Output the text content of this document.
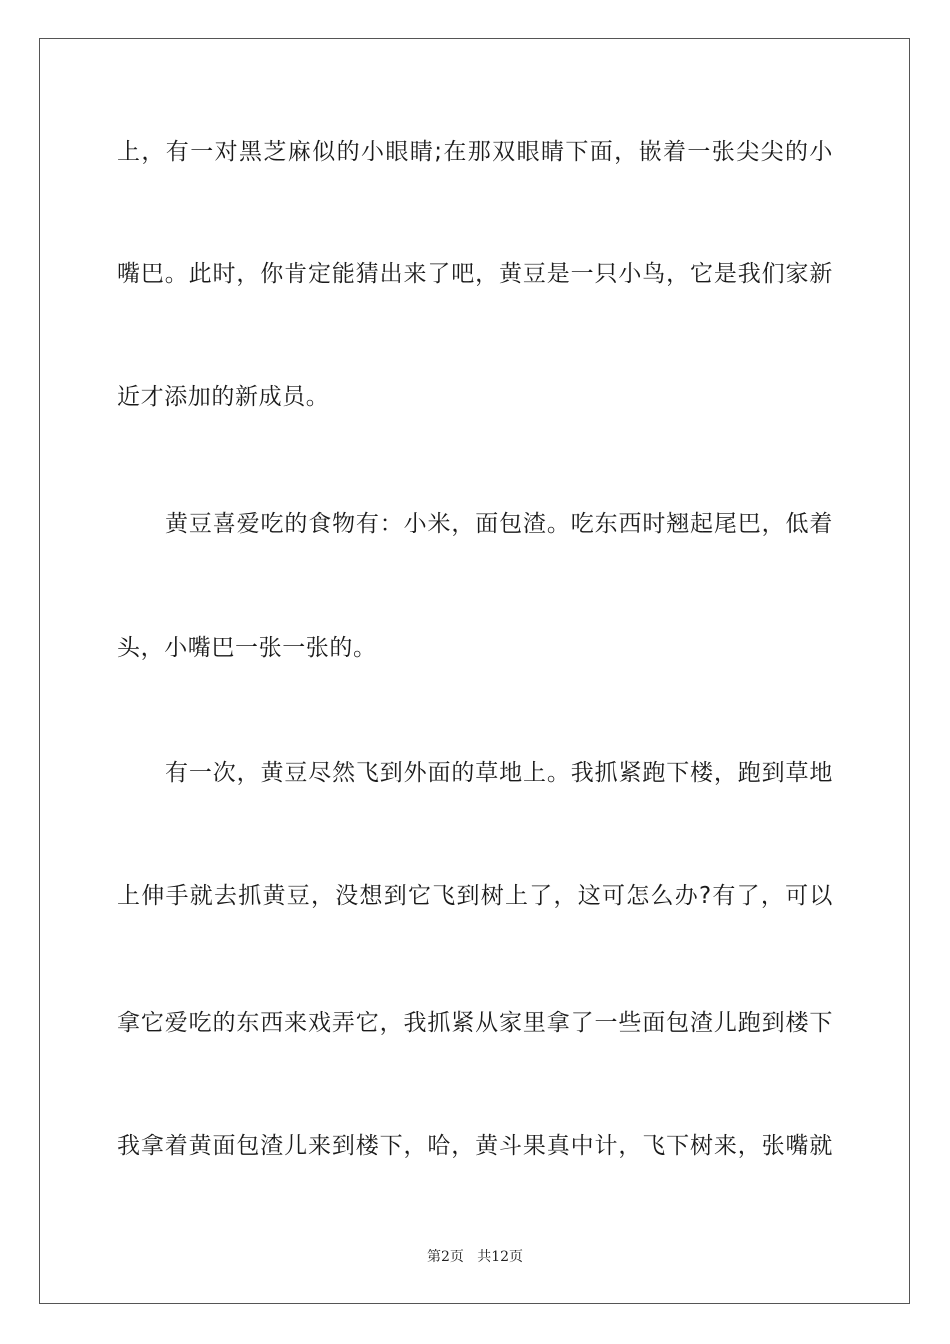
上，有一对黑芝麻似的小眼睛;在那双眼睛下面，嵌着一张尖尖的小
嘴巴。此时，你肯定能猜出来了吧，黄豆是一只小鸟，它是我们家新
近才添加的新成员。
黄豆喜爱吃的食物有：小米，面包渣。吃东西时翘起尾巴，低着
头，小嘴巴一张一张的。
有一次，黄豆尽然飞到外面的草地上。我抓紧跑下楼，跑到草地
上伸手就去抓黄豆，没想到它飞到树上了，这可怎么办?有了，可以
拿它爱吃的东西来戏弄它，我抓紧从家里拿了一些面包渣儿跑到楼下
我拿着黄面包渣儿来到楼下，哈，黄斗果真中计，飞下树来，张嘴就
第2页   共12页
